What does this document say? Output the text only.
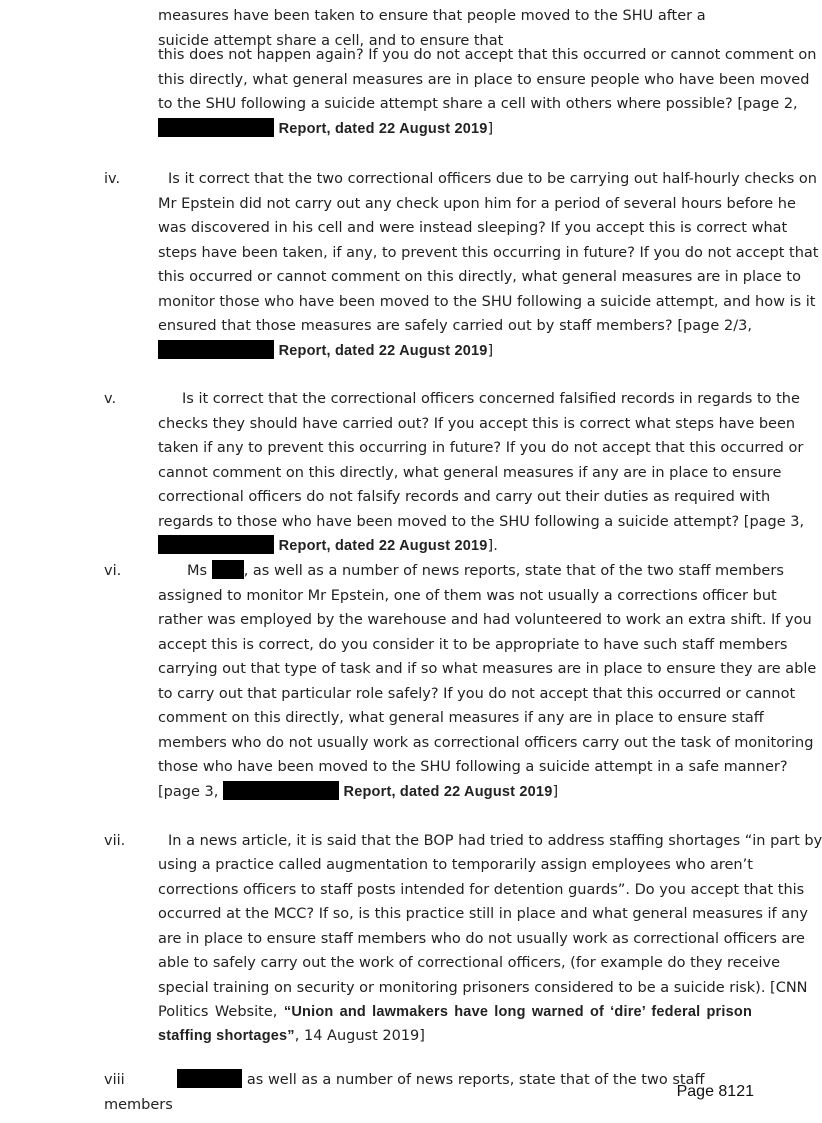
measures have been taken to ensure that people moved to the SHU after a suicide attempt share a cell, and to ensure that
this does not happen again? If you do not accept that this occurred or cannot comment on
this directly, what general measures are in place to ensure people who have been moved
to the SHU following a suicide attempt share a cell with others where possible? [page 2,
Report, dated 22 August 2019]
iv.	Is it correct that the two correctional officers due to be carrying out half-hourly checks on
Mr Epstein did not carry out any check upon him for a period of several hours before he
was discovered in his cell and were instead sleeping? If you accept this is correct what
steps have been taken, if any, to prevent this occurring in future? If you do not accept that
this occurred or cannot comment on this directly, what general measures are in place to
monitor those who have been moved to the SHU following a suicide attempt, and how is it
ensured that those measures are safely carried out by staff members? [page 2/3,
Report, dated 22 August 2019]
v.	Is it correct that the correctional officers concerned falsified records in regards to the
checks they should have carried out? If you accept this is correct what steps have been
taken if any to prevent this occurring in future? If you do not accept that this occurred or
cannot comment on this directly, what general measures if any are in place to ensure
correctional officers do not falsify records and carry out their duties as required with
regards to those who have been moved to the SHU following a suicide attempt? [page 3,
Report, dated 22 August 2019].
vi.	Ms	, as well as a number of news reports, state that of the two staff members
assigned to monitor Mr Epstein, one of them was not usually a corrections officer but
rather was employed by the warehouse and had volunteered to work an extra shift. If you
accept this is correct, do you consider it to be appropriate to have such staff members
carrying out that type of task and if so what measures are in place to ensure they are able
to carry out that particular role safely? If you do not accept that this occurred or cannot
comment on this directly, what general measures if any are in place to ensure staff
members who do not usually work as correctional officers carry out the task of monitoring
those who have been moved to the SHU following a suicide attempt in a safe manner?
[page 3,	Report, dated 22 August 2019]
vii.	In a news article, it is said that the BOP had tried to address staffing shortages “in part by
using a practice called augmentation to temporarily assign employees who aren’t
corrections officers to staff posts intended for detention guards”. Do you accept that this
occurred at the MCC? If so, is this practice still in place and what general measures if any
are in place to ensure staff members who do not usually work as correctional officers are
able to safely carry out the work of correctional officers, (for example do they receive
special training on security or monitoring prisoners considered to be a suicide risk). [CNN
Politics Website, “Union and lawmakers have long warned of ‘dire’ federal prison
staffing shortages”, 14 August 2019]
viii	as well as a number of news reports, state that of the two staff members
Page 8121
